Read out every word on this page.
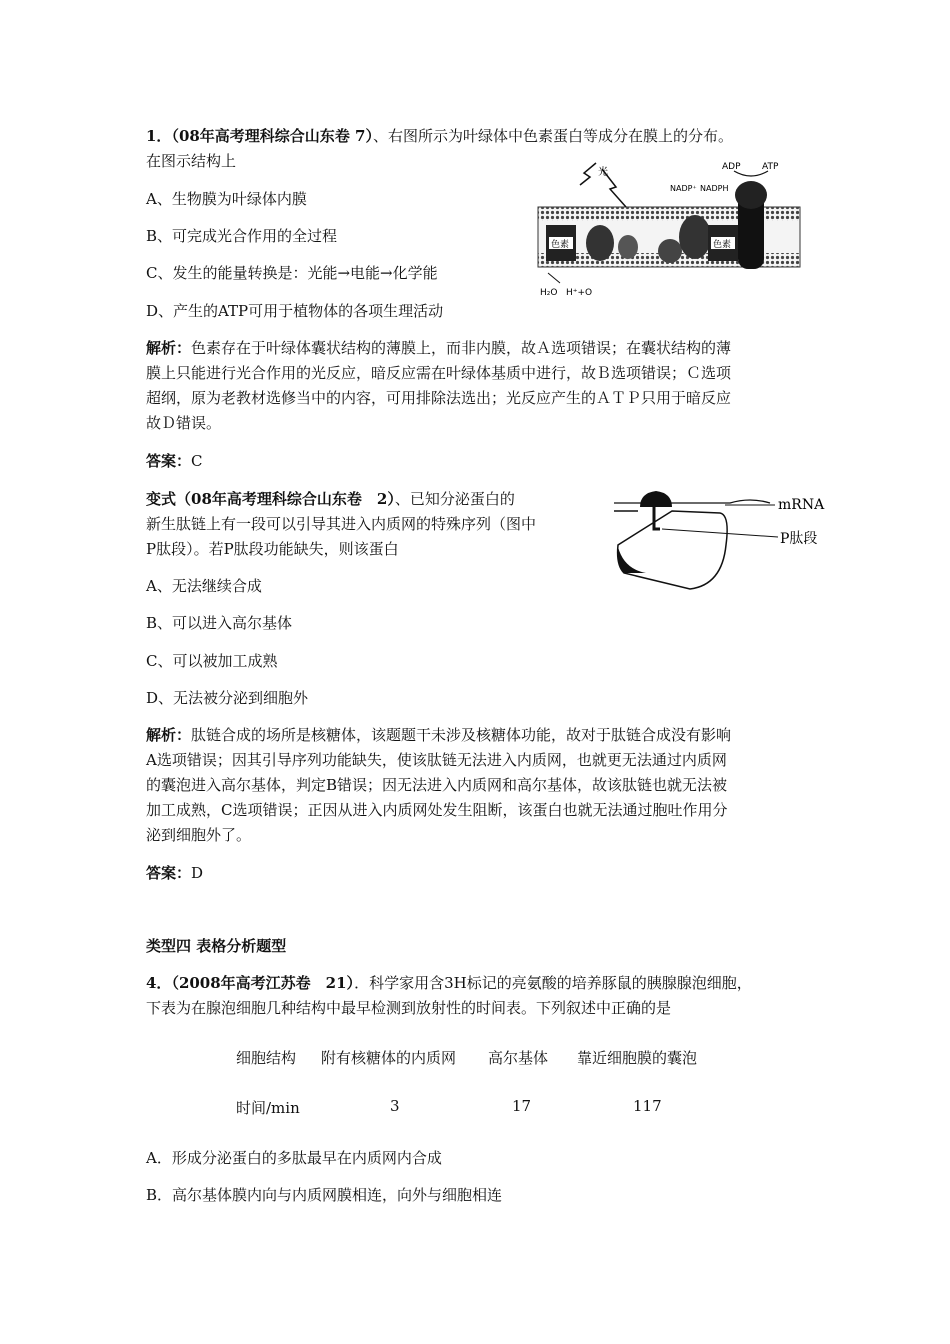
1．（08年高考理科综合山东卷 7）、右图所示为叶绿体中色素蛋白等成分在膜上的分布。
在图示结构上
A、生物膜为叶绿体内膜
B、可完成光合作用的全过程
C、发生的能量转换是：光能→电能→化学能
D、产生的ATP可用于植物体的各项生理活动
解析：色素存在于叶绿体囊状结构的薄膜上，而非内膜，故Ａ选项错误；在囊状结构的薄
膜上只能进行光合作用的光反应，暗反应需在叶绿体基质中进行，故Ｂ选项错误；Ｃ选项
超纲，原为老教材选修当中的内容，可用排除法选出；光反应产生的ＡＴＰ只用于暗反应
故Ｄ错误。
答案：C
光
色素	色素
ADP ATP
NADP⁺ NADPH
H₂O H⁺+O
变式（08年高考理科综合山东卷　2）、已知分泌蛋白的
新生肽链上有一段可以引导其进入内质网的特殊序列（图中
P肽段）。若P肽段功能缺失，则该蛋白
A、无法继续合成
B、可以进入高尔基体
C、可以被加工成熟
D、无法被分泌到细胞外
解析：肽链合成的场所是核糖体，该题题干未涉及核糖体功能，故对于肽链合成没有影响
A选项错误；因其引导序列功能缺失，使该肽链无法进入内质网，也就更无法通过内质网
的囊泡进入高尔基体，判定B错误；因无法进入内质网和高尔基体，故该肽链也就无法被
加工成熟，C选项错误；正因从进入内质网处发生阻断，该蛋白也就无法通过胞吐作用分
泌到细胞外了。
答案：D
mRNA
P肽段
类型四 表格分析题型
4．（2008年高考江苏卷　21）．科学家用含3H标记的亮氨酸的培养豚鼠的胰腺腺泡细胞，
下表为在腺泡细胞几种结构中最早检测到放射性的时间表。下列叙述中正确的是
细胞结构 附有核糖体的内质网 高尔基体 靠近细胞膜的囊泡
时间/min	3	17	117
A．形成分泌蛋白的多肽最早在内质网内合成
B．高尔基体膜内向与内质网膜相连，向外与细胞相连
